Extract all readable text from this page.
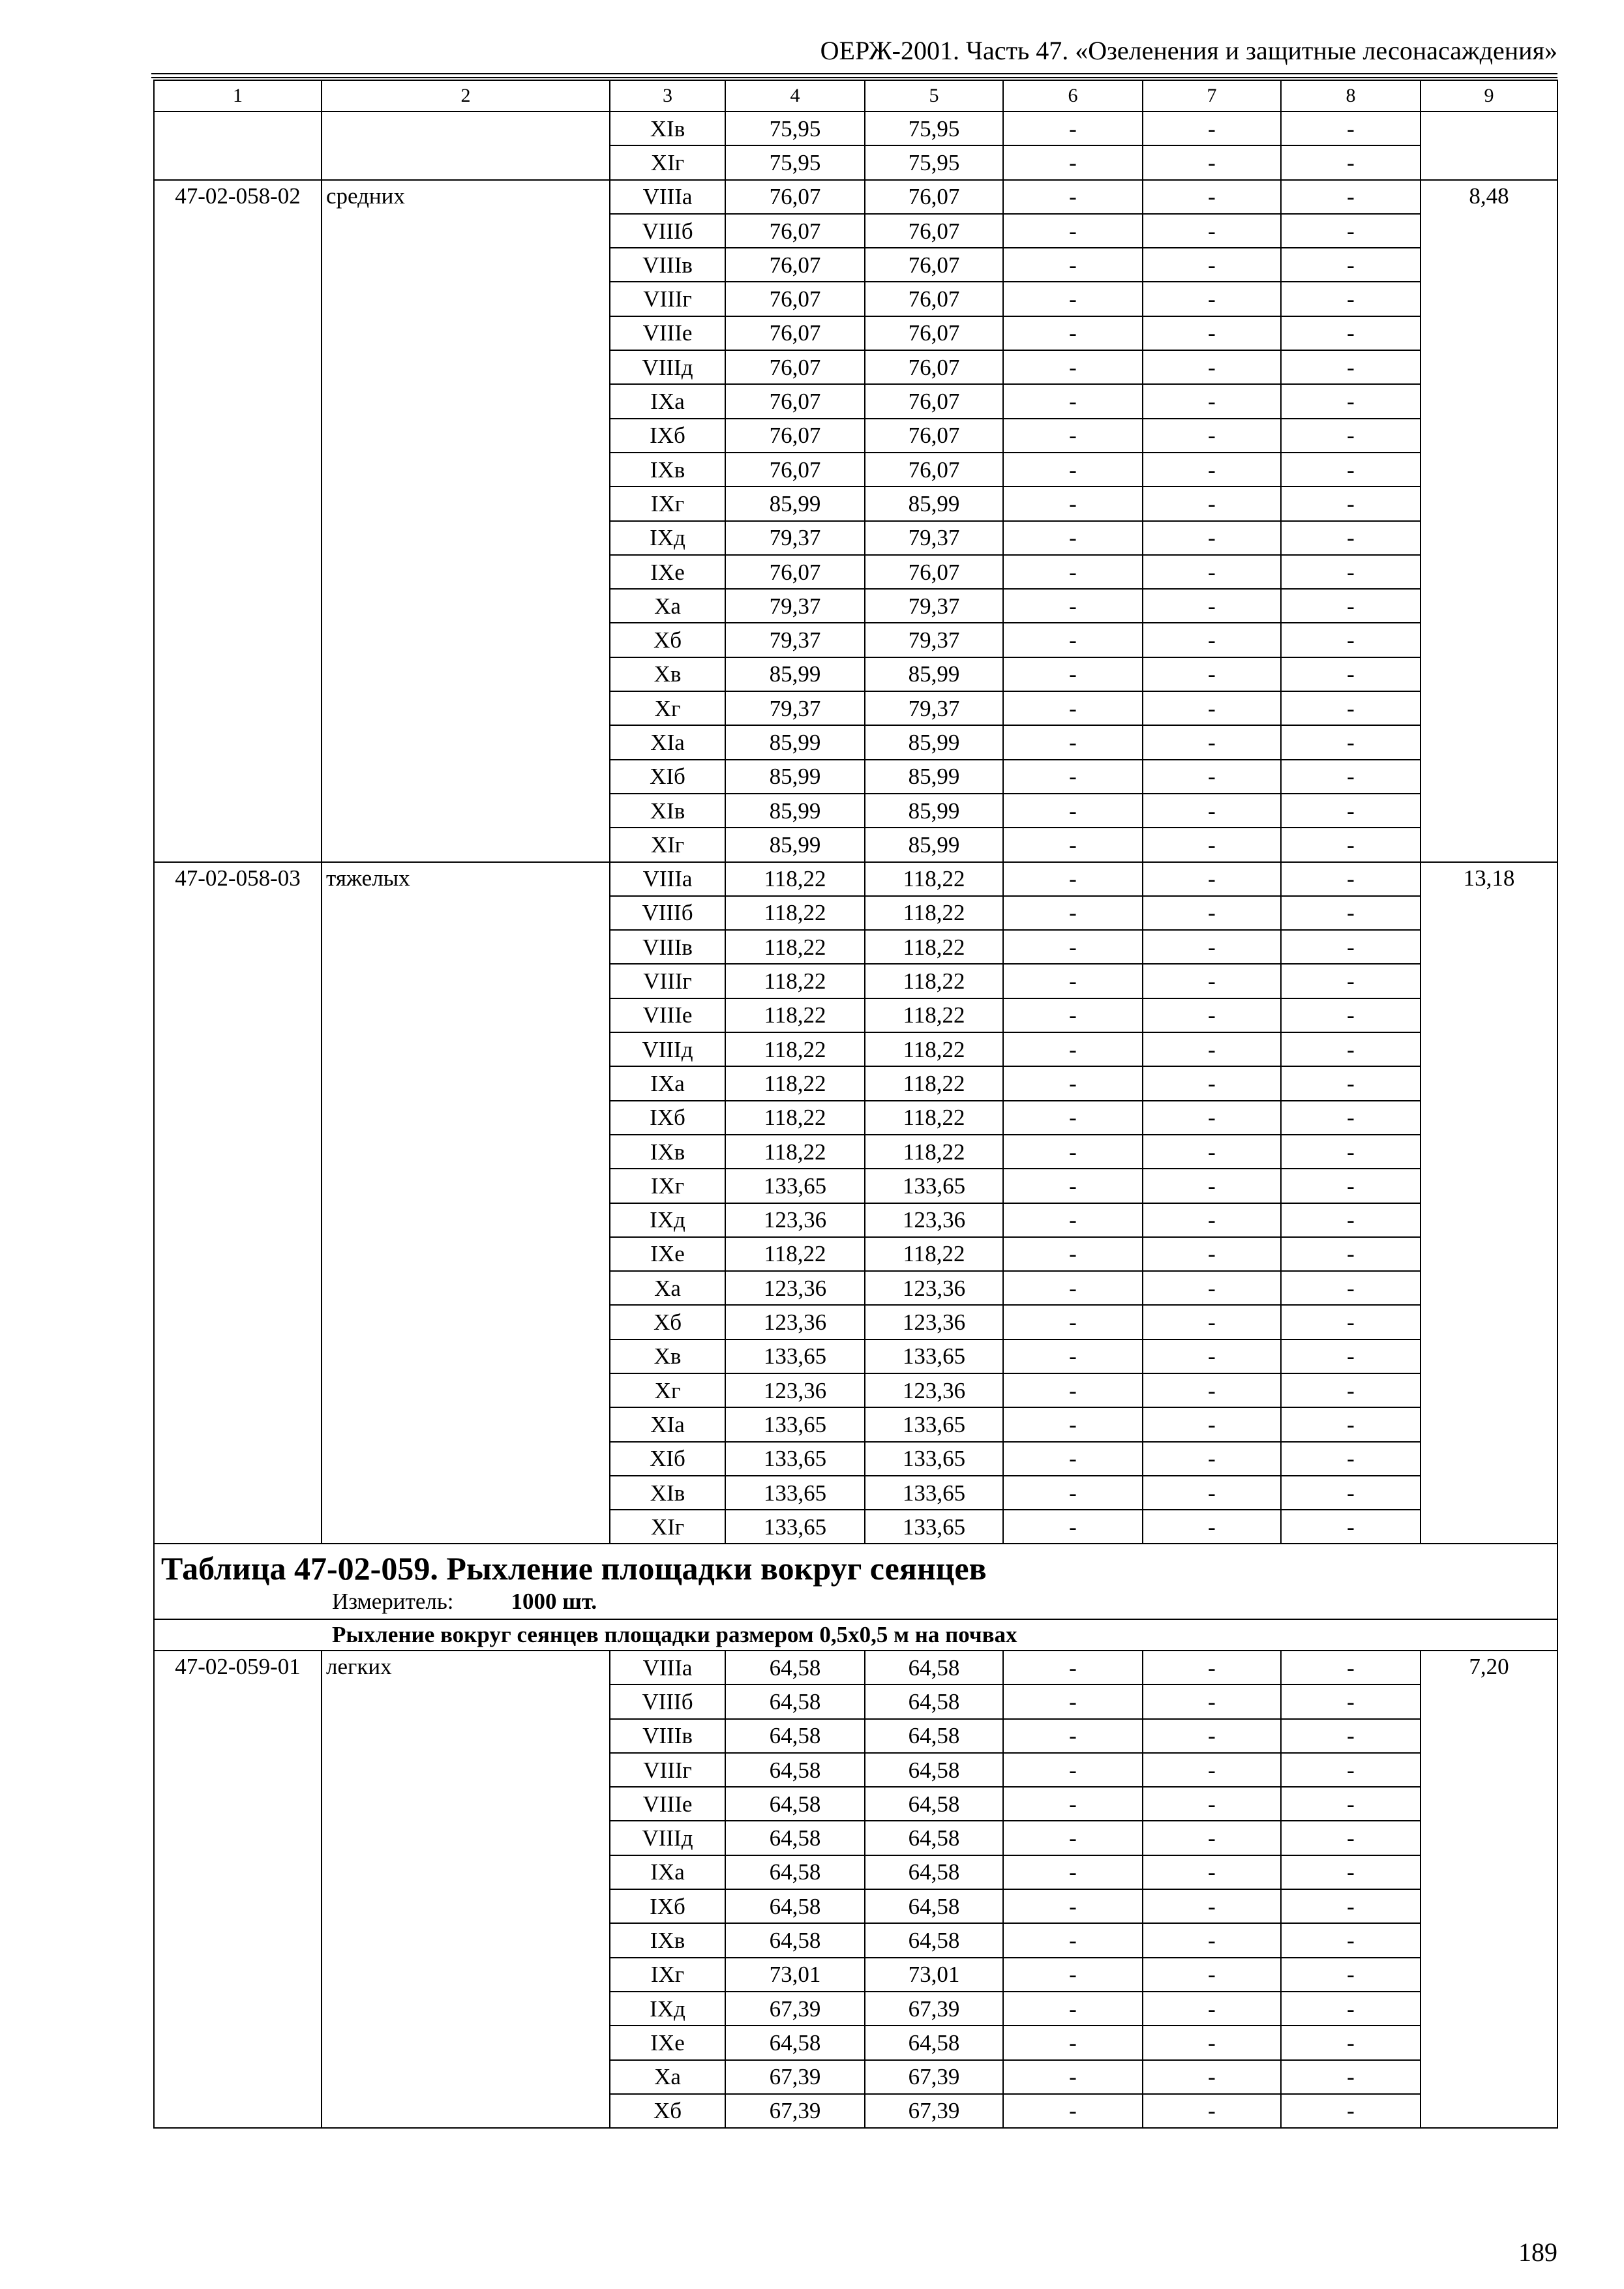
ОЕРЖ-2001. Часть 47. «Озеленения и защитные лесонасаждения»
1	2	3	4	5	6	7	8	9
		XIв	75,95	75,95	-	-	-	
		XIг	75,95	75,95	-	-	-	
47-02-058-02	средних	VIIIа	76,07	76,07	-	-	-	8,48
		VIIIб	76,07	76,07	-	-	-	
		VIIIв	76,07	76,07	-	-	-	
		VIIIг	76,07	76,07	-	-	-	
		VIIIе	76,07	76,07	-	-	-	
		VIIIд	76,07	76,07	-	-	-	
		IXа	76,07	76,07	-	-	-	
		IXб	76,07	76,07	-	-	-	
		IXв	76,07	76,07	-	-	-	
		IXг	85,99	85,99	-	-	-	
		IXд	79,37	79,37	-	-	-	
		IXе	76,07	76,07	-	-	-	
		Xа	79,37	79,37	-	-	-	
		Xб	79,37	79,37	-	-	-	
		Xв	85,99	85,99	-	-	-	
		Xг	79,37	79,37	-	-	-	
		XIа	85,99	85,99	-	-	-	
		XIб	85,99	85,99	-	-	-	
		XIв	85,99	85,99	-	-	-	
		XIг	85,99	85,99	-	-	-	
47-02-058-03	тяжелых	VIIIа	118,22	118,22	-	-	-	13,18
		VIIIб	118,22	118,22	-	-	-	
		VIIIв	118,22	118,22	-	-	-	
		VIIIг	118,22	118,22	-	-	-	
		VIIIе	118,22	118,22	-	-	-	
		VIIIд	118,22	118,22	-	-	-	
		IXа	118,22	118,22	-	-	-	
		IXб	118,22	118,22	-	-	-	
		IXв	118,22	118,22	-	-	-	
		IXг	133,65	133,65	-	-	-	
		IXд	123,36	123,36	-	-	-	
		IXе	118,22	118,22	-	-	-	
		Xа	123,36	123,36	-	-	-	
		Xб	123,36	123,36	-	-	-	
		Xв	133,65	133,65	-	-	-	
		Xг	123,36	123,36	-	-	-	
		XIа	133,65	133,65	-	-	-	
		XIб	133,65	133,65	-	-	-	
		XIв	133,65	133,65	-	-	-	
		XIг	133,65	133,65	-	-	-	

Таблица 47-02-059. Рыхление площадки вокруг сеянцев
Измеритель: 1000 шт.								

Рыхление вокруг сеянцев площадки размером 0,5х0,5 м на почвах								
47-02-059-01	легких	VIIIа	64,58	64,58	-	-	-	7,20
		VIIIб	64,58	64,58	-	-	-	
		VIIIв	64,58	64,58	-	-	-	
		VIIIг	64,58	64,58	-	-	-	
		VIIIе	64,58	64,58	-	-	-	
		VIIIд	64,58	64,58	-	-	-	
		IXа	64,58	64,58	-	-	-	
		IXб	64,58	64,58	-	-	-	
		IXв	64,58	64,58	-	-	-	
		IXг	73,01	73,01	-	-	-	
		IXд	67,39	67,39	-	-	-	
		IXе	64,58	64,58	-	-	-	
		Xа	67,39	67,39	-	-	-	
		Xб	67,39	67,39	-	-	-	
189
